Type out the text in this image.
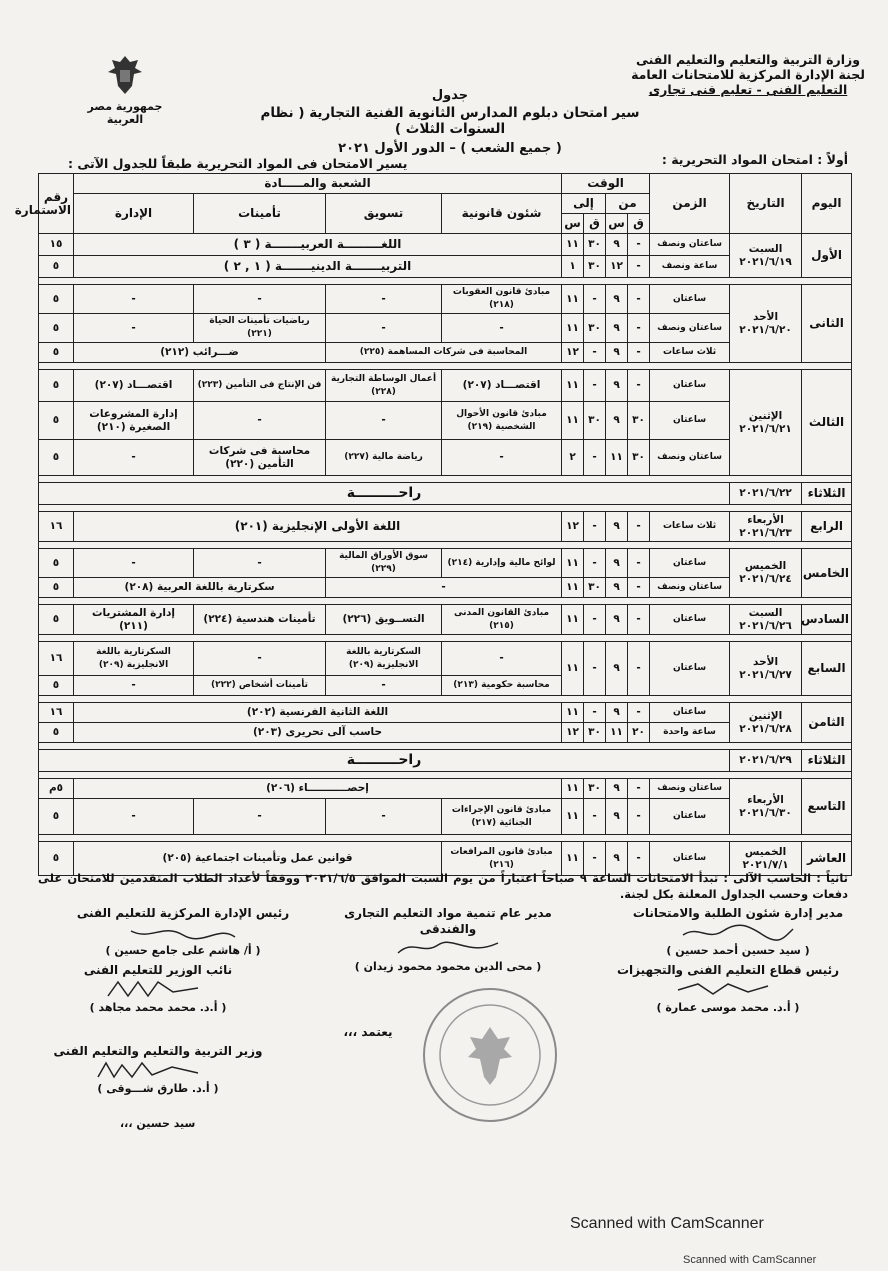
وزارة التربية والتعليم والتعليم الفنى
لجنة الإدارة المركزية للامتحانات العامة
التعليم الفنى - تعليم فنى تجارى
جمهورية مصر العربية
جدول
سير امتحان دبلوم المدارس الثانوية الفنية التجارية ( نظام السنوات الثلاث )
( جميع الشعب ) – الدور الأول ٢٠٢١
أولاً : امتحان المواد التحريرية :
يسير الامتحان فى المواد التحريرية طبقاً للجدول الآتى :
اليوم	التاريخ	الزمن	الوقت				الشعبة والمـــــادة				رقم الاستمارة
			من		إلى		شئون قانونية	تسويق	تأمينات	الإدارة	
			ق	س	ق	س					
الأول	السبت ٢٠٢١/٦/١٩	ساعتان ونصف	-	٩	٣٠	١١	اللغـــــــــة العربيـــــــة ( ٣ )				١٥
		ساعة ونصف	-	١٢	٣٠	١	التربيـــــــة الدينيـــــــة ( ١ , ٢ )				٥

الثانى	الأحد ٢٠٢١/٦/٢٠	ساعتان	-	٩	-	١١	مبادئ قانون العقوبات (٢١٨)	-	-	-	٥
		ساعتان ونصف	-	٩	٣٠	١١	-	-	رياضيات تأمينات الحياة (٢٢١)	-	٥
		ثلاث ساعات	-	٩	-	١٢	المحاسبة فى شركات المساهمة (٢٢٥)		ضـــرائب (٢١٢)		٥

الثالث	الإثنين ٢٠٢١/٦/٢١	ساعتان	-	٩	-	١١	اقتصـــاد (٢٠٧)	أعمال الوساطة التجارية (٢٢٨)	فن الإنتاج فى التأمين (٢٢٣)	اقتصـــاد (٢٠٧)	٥
		ساعتان	٣٠	٩	٣٠	١١	مبادئ قانون الأحوال الشخصية (٢١٩)	-	-	إدارة المشروعات الصغيرة (٢١٠)	٥
		ساعتان ونصف	٣٠	١١	-	٢	-	رياضة مالية (٢٢٧)	محاسبة فى شركات التأمين (٢٢٠)	-	٥

الثلاثاء	٢٠٢١/٦/٢٢	راحـــــــــة									

الرابع	الأربعاء ٢٠٢١/٦/٢٣	ثلاث ساعات	-	٩	-	١٢	اللغة الأولى الإنجليزية (٢٠١)				١٦

الخامس	الخميس ٢٠٢١/٦/٢٤	ساعتان	-	٩	-	١١	لوائح مالية وإدارية (٢١٤)	سوق الأوراق المالية (٢٢٩)	-	-	٥
		ساعتان ونصف	-	٩	٣٠	١١	-		سكرتارية باللغة العربية (٢٠٨)		٥

السادس	السبت ٢٠٢١/٦/٢٦	ساعتان	-	٩	-	١١	مبادئ القانون المدنى (٢١٥)	التســويق (٢٢٦)	تأمينات هندسية (٢٢٤)	إدارة المشتريات (٢١١)	٥

السابع	الأحد ٢٠٢١/٦/٢٧	ساعتان	-	٩	-	١١	-	السكرتارية باللغة الانجليزية (٢٠٩)	-	السكرتارية باللغة الانجليزية (٢٠٩)	١٦
							محاسبة حكومية (٢١٣)	-	تأمينات أشخاص (٢٢٢)	-	٥

الثامن	الإثنين ٢٠٢١/٦/٢٨	ساعتان	-	٩	-	١١	اللغة الثانية الفرنسية (٢٠٢)				١٦
		ساعة واحدة	٢٠	١١	٣٠	١٢	حاسب آلى تحريرى (٢٠٣)				٥

الثلاثاء	٢٠٢١/٦/٢٩	راحـــــــــة									

التاسع	الأربعاء ٢٠٢١/٦/٣٠	ساعتان ونصف	-	٩	٣٠	١١	إحصـــــــــــاء (٢٠٦)				٥م
		ساعتان	-	٩	-	١١	مبادئ قانون الإجراءات الجنائية (٢١٧)	-	-	-	٥

العاشر	الخميس ٢٠٢١/٧/١	ساعتان	-	٩	-	١١	مبادئ قانون المرافعات (٢١٦)	قوانين عمل وتأمينات اجتماعية (٢٠٥)			٥
ثانياً : الحاسب الآلى : تبدأ الامتحانات الساعة ٩ صباحاً اعتباراً من يوم السبت الموافق ٢٠٢١/٦/٥ ووفقاً لأعداد الطلاب المتقدمين للامتحان على دفعات وحسب الجداول المعلنة بكل لجنة.
مدير إدارة شئون الطلبة والامتحانات
( سيد حسين أحمد حسين )
مدير عام تنمية مواد التعليم التجارى والفندقى
( محى الدين محمود محمود زيدان )
رئيس الإدارة المركزية للتعليم الفنى
( أ/ هاشم على جامع حسين )
رئيس قطاع التعليم الفنى والتجهيزات
( أ.د. محمد موسى عمارة )
نائب الوزير للتعليم الفنى
( أ.د. محمد محمد مجاهد )
يعتمد ،،،
وزير التربية والتعليم والتعليم الفنى
( أ.د. طارق شـــوقى )
سيد حسين ،،،
Scanned with CamScanner
Scanned with CamScanner
